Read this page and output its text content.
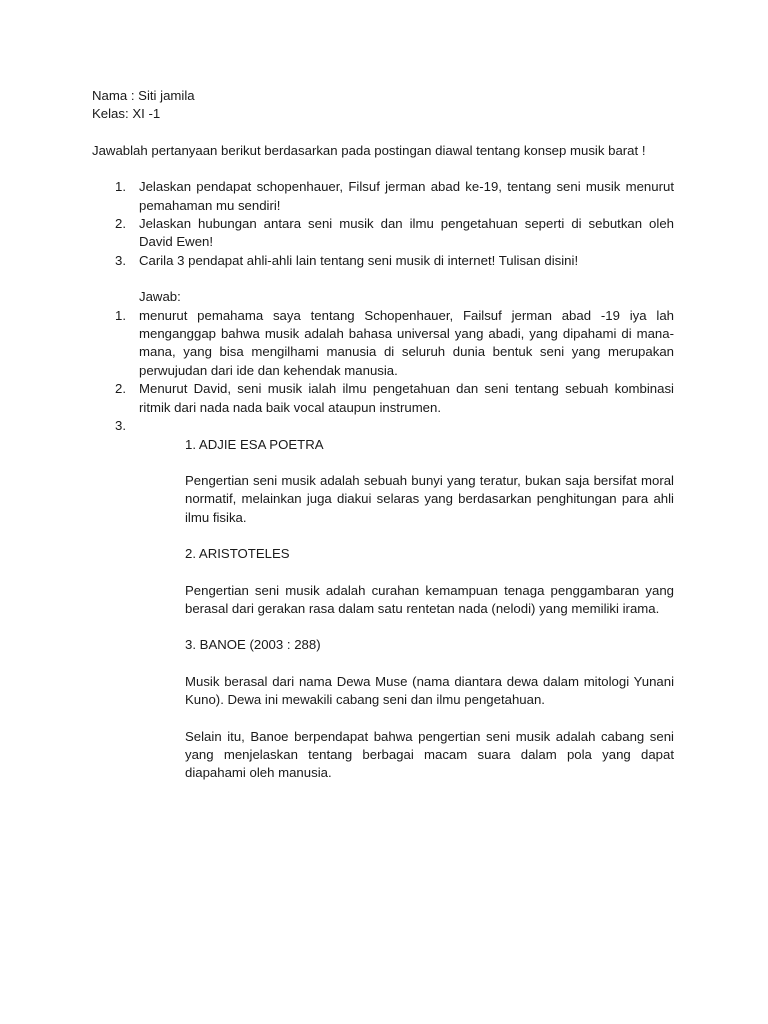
Nama : Siti jamila
Kelas: XI -1
Jawablah pertanyaan berikut berdasarkan pada postingan diawal tentang konsep musik barat !
1. Jelaskan pendapat schopenhauer, Filsuf jerman abad ke-19, tentang seni musik menurut pemahaman mu sendiri!
2. Jelaskan hubungan antara seni musik dan ilmu pengetahuan seperti di sebutkan oleh David Ewen!
3. Carila 3 pendapat ahli-ahli lain tentang seni musik di internet! Tulisan disini!
Jawab:
1. menurut pemahama saya tentang Schopenhauer, Failsuf jerman abad -19 iya lah menganggap bahwa musik adalah bahasa universal yang abadi, yang dipahami di mana-mana, yang bisa mengilhami manusia di seluruh dunia bentuk seni yang merupakan perwujudan dari ide dan kehendak manusia.
2. Menurut David, seni musik ialah ilmu pengetahuan dan seni tentang sebuah kombinasi ritmik dari nada nada baik vocal ataupun instrumen.
3.

1. ADJIE ESA POETRA
Pengertian seni musik adalah sebuah bunyi yang teratur, bukan saja bersifat moral normatif, melainkan juga diakui selaras yang berdasarkan penghitungan para ahli ilmu fisika.
2. ARISTOTELES
Pengertian seni musik adalah curahan kemampuan tenaga penggambaran yang berasal dari gerakan rasa dalam satu rentetan nada (nelodi) yang memiliki irama.
3. BANOE (2003 : 288)
Musik berasal dari nama Dewa Muse (nama diantara dewa dalam mitologi Yunani Kuno). Dewa ini mewakili cabang seni dan ilmu pengetahuan.
Selain itu, Banoe berpendapat bahwa pengertian seni musik adalah cabang seni yang menjelaskan tentang berbagai macam suara dalam pola yang dapat diapahami oleh manusia.
